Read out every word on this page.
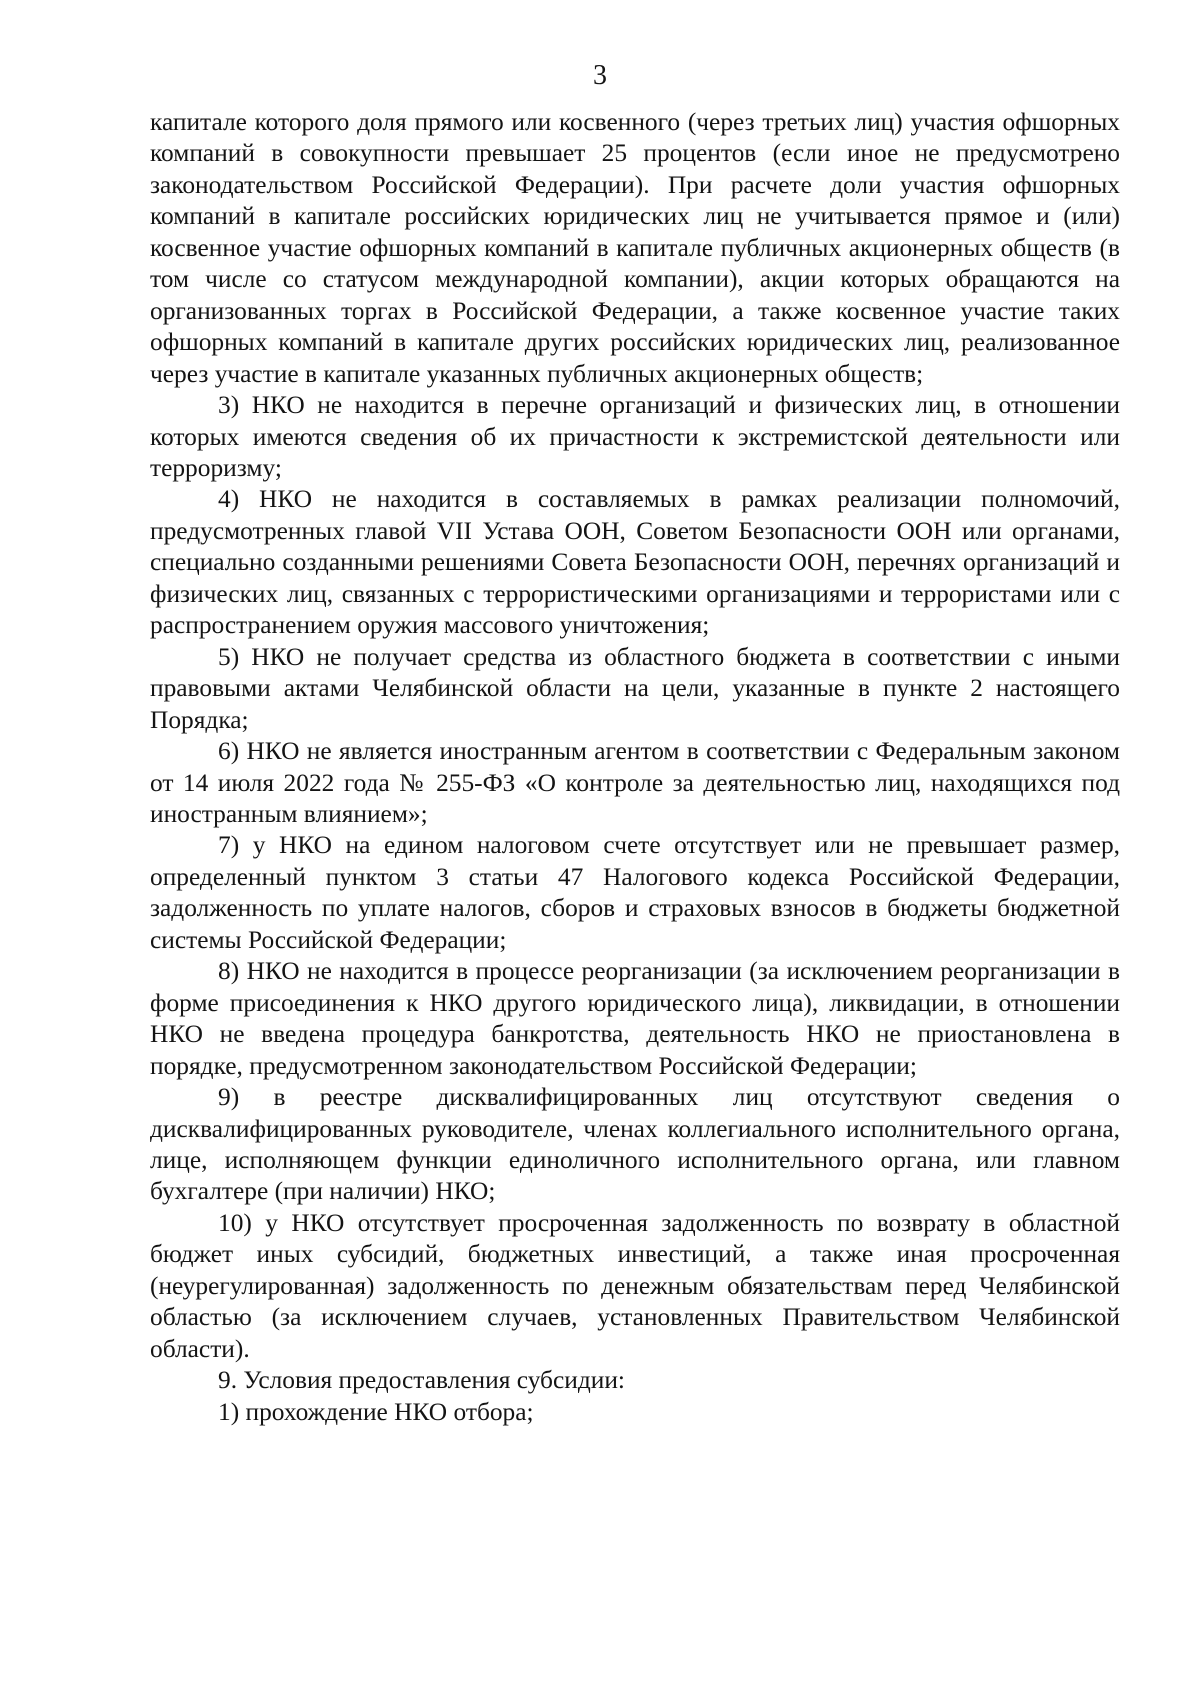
3

капитале которого доля прямого или косвенного (через третьих лиц) участия офшорных компаний в совокупности превышает 25 процентов (если иное не предусмотрено законодательством Российской Федерации). При расчете доли участия офшорных компаний в капитале российских юридических лиц не учитывается прямое и (или) косвенное участие офшорных компаний в капитале публичных акционерных обществ (в том числе со статусом международной компании), акции которых обращаются на организованных торгах в Российской Федерации, а также косвенное участие таких офшорных компаний в капитале других российских юридических лиц, реализованное через участие в капитале указанных публичных акционерных обществ;

3) НКО не находится в перечне организаций и физических лиц, в отношении которых имеются сведения об их причастности к экстремистской деятельности или терроризму;

4) НКО не находится в составляемых в рамках реализации полномочий, предусмотренных главой VII Устава ООН, Советом Безопасности ООН или органами, специально созданными решениями Совета Безопасности ООН, перечнях организаций и физических лиц, связанных с террористическими организациями и террористами или с распространением оружия массового уничтожения;

5) НКО не получает средства из областного бюджета в соответствии с иными правовыми актами Челябинской области на цели, указанные в пункте 2 настоящего Порядка;

6) НКО не является иностранным агентом в соответствии с Федеральным законом от 14 июля 2022 года № 255-ФЗ «О контроле за деятельностью лиц, находящихся под иностранным влиянием»;

7) у НКО на едином налоговом счете отсутствует или не превышает размер, определенный пунктом 3 статьи 47 Налогового кодекса Российской Федерации, задолженность по уплате налогов, сборов и страховых взносов в бюджеты бюджетной системы Российской Федерации;

8) НКО не находится в процессе реорганизации (за исключением реорганизации в форме присоединения к НКО другого юридического лица), ликвидации, в отношении НКО не введена процедура банкротства, деятельность НКО не приостановлена в порядке, предусмотренном законодательством Российской Федерации;

9) в реестре дисквалифицированных лиц отсутствуют сведения о дисквалифицированных руководителе, членах коллегиального исполнительного органа, лице, исполняющем функции единоличного исполнительного органа, или главном бухгалтере (при наличии) НКО;

10) у НКО отсутствует просроченная задолженность по возврату в областной бюджет иных субсидий, бюджетных инвестиций, а также иная просроченная (неурегулированная) задолженность по денежным обязательствам перед Челябинской областью (за исключением случаев, установленных Правительством Челябинской области).

9. Условия предоставления субсидии:

1) прохождение НКО отбора;
